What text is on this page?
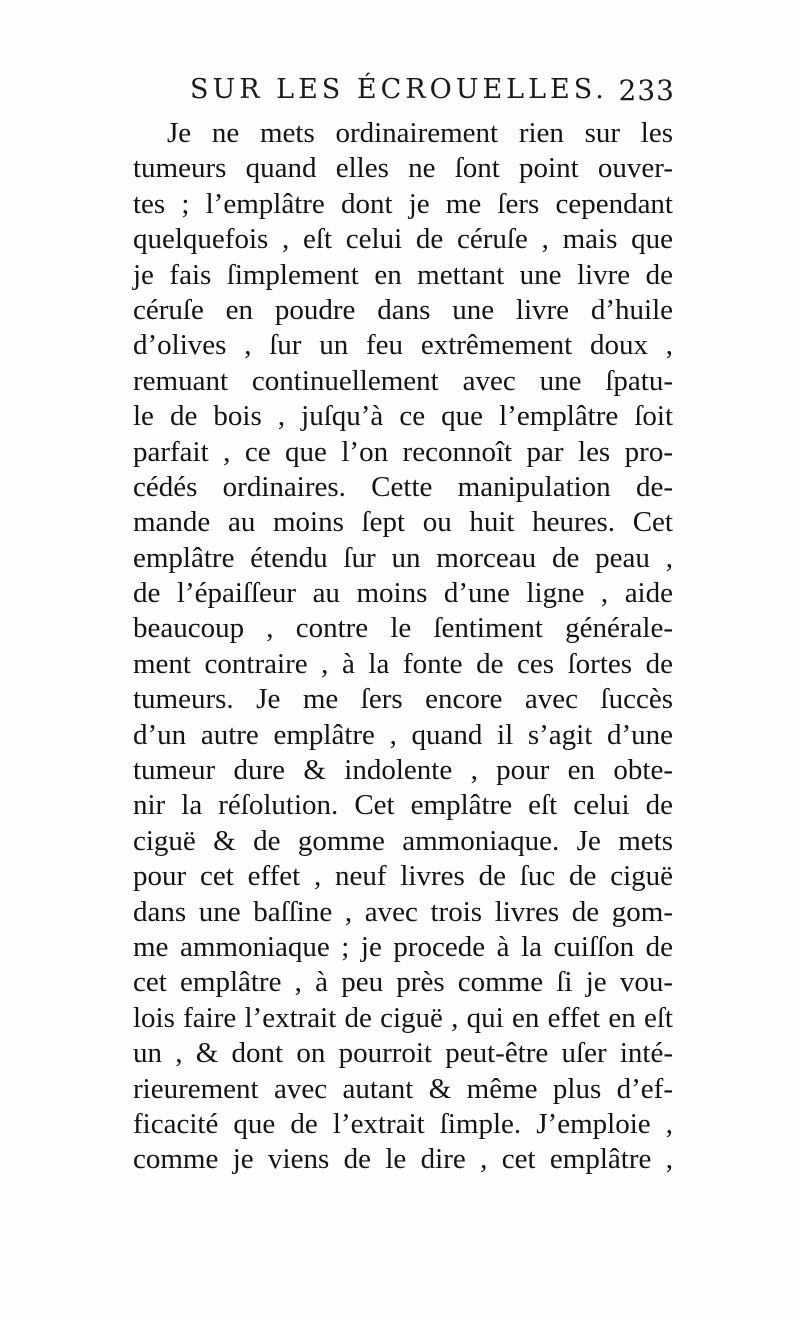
SUR LES ÉCROUELLES. 233
Je ne mets ordinairement rien sur les
tumeurs quand elles ne ſont point ouver-
tes ; l’emplâtre dont je me ſers cependant
quelquefois , eſt celui de céruſe , mais que
je fais ſimplement en mettant une livre de
céruſe en poudre dans une livre d’huile
d’olives , ſur un feu extrêmement doux ,
remuant continuellement avec une ſpatu-
le de bois , juſqu’à ce que l’emplâtre ſoit
parfait , ce que l’on reconnoît par les pro-
cédés ordinaires. Cette manipulation de-
mande au moins ſept ou huit heures. Cet
emplâtre étendu ſur un morceau de peau ,
de l’épaiſſeur au moins d’une ligne , aide
beaucoup , contre le ſentiment générale-
ment contraire , à la fonte de ces ſortes de
tumeurs. Je me ſers encore avec ſuccès
d’un autre emplâtre , quand il s’agit d’une
tumeur dure & indolente , pour en obte-
nir la réſolution. Cet emplâtre eſt celui de
ciguë & de gomme ammoniaque. Je mets
pour cet effet , neuf livres de ſuc de ciguë
dans une baſſine , avec trois livres de gom-
me ammoniaque ; je procede à la cuiſſon de
cet emplâtre , à peu près comme ſi je vou-
lois faire l’extrait de ciguë , qui en effet en eſt
un , & dont on pourroit peut-être uſer inté-
rieurement avec autant & même plus d’ef-
ficacité que de l’extrait ſimple. J’emploie ,
comme je viens de le dire , cet emplâtre ,
